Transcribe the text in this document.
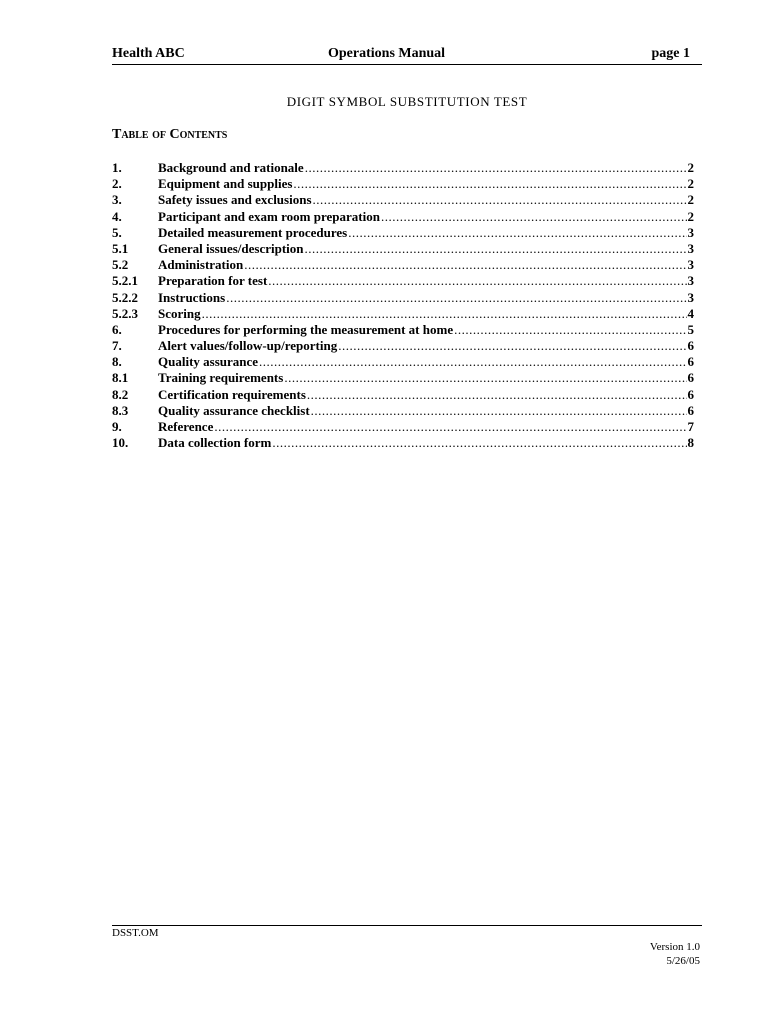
Health ABC	Operations Manual	page 1
DIGIT SYMBOL SUBSTITUTION TEST
Table of Contents
1.	Background and rationale .....	2
2.	Equipment and supplies .....	2
3.	Safety issues and exclusions .....	2
4.	Participant and exam room preparation .....	2
5.	Detailed measurement procedures .....	3
5.1	General issues/description .....	3
5.2	Administration .....	3
5.2.1	Preparation for test .....	3
5.2.2	Instructions .....	3
5.2.3	Scoring .....	4
6.	Procedures for performing the measurement at home .....	5
7.	Alert values/follow-up/reporting .....	6
8.	Quality assurance .....	6
8.1	Training requirements .....	6
8.2	Certification requirements .....	6
8.3	Quality assurance checklist .....	6
9.	Reference .....	7
10.	Data collection form .....	8
DSST.OM
Version 1.0
5/26/05
